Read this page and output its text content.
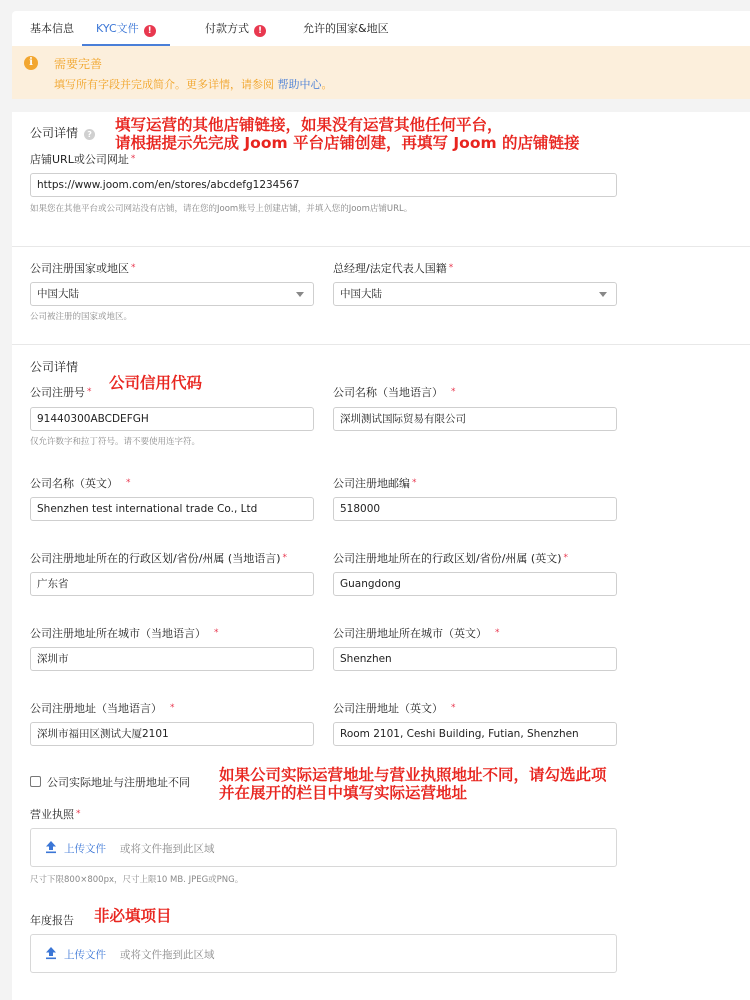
基本信息 KYC文件 !	付款方式 !	允许的国家&地区
i	需要完善
填写所有字段并完成简介。更多详情，请参阅 帮助中心。
公司详情 ?
填写运营的其他店铺链接，如果没有运营其他任何平台，
请根据提示先完成 Joom 平台店铺创建，再填写 Joom 的店铺链接
店铺URL或公司网址 *
https://www.joom.com/en/stores/abcdefg1234567
如果您在其他平台或公司网站没有店铺，请在您的Joom账号上创建店铺，并填入您的Joom店铺URL。
公司注册国家或地区 *
中国大陆
公司被注册的国家或地区。
总经理/法定代表人国籍 *
中国大陆
公司详情
公司注册号 * 公司信用代码
91440300ABCDEFGH
仅允许数字和拉丁符号。请不要使用连字符。
公司名称（当地语言） *
深圳测试国际贸易有限公司
公司名称（英文） *
Shenzhen test international trade Co., Ltd
公司注册地邮编 *
518000
公司注册地址所在的行政区划/省份/州属 (当地语言) *
广东省
公司注册地址所在的行政区划/省份/州属 (英文) *
Guangdong
公司注册地址所在城市（当地语言） *
深圳市
公司注册地址所在城市（英文） *
Shenzhen
公司注册地址（当地语言） *
深圳市福田区测试大厦2101
公司注册地址（英文） *
Room 2101, Ceshi Building, Futian, Shenzhen
公司实际地址与注册地址不同 如果公司实际运营地址与营业执照地址不同，请勾选此项
并在展开的栏目中填写实际运营地址
营业执照 *
上传文件 或将文件拖到此区域
尺寸下限800×800px，尺寸上限10 MB. JPEG或PNG。
年度报告 非必填项目
上传文件 或将文件拖到此区域
